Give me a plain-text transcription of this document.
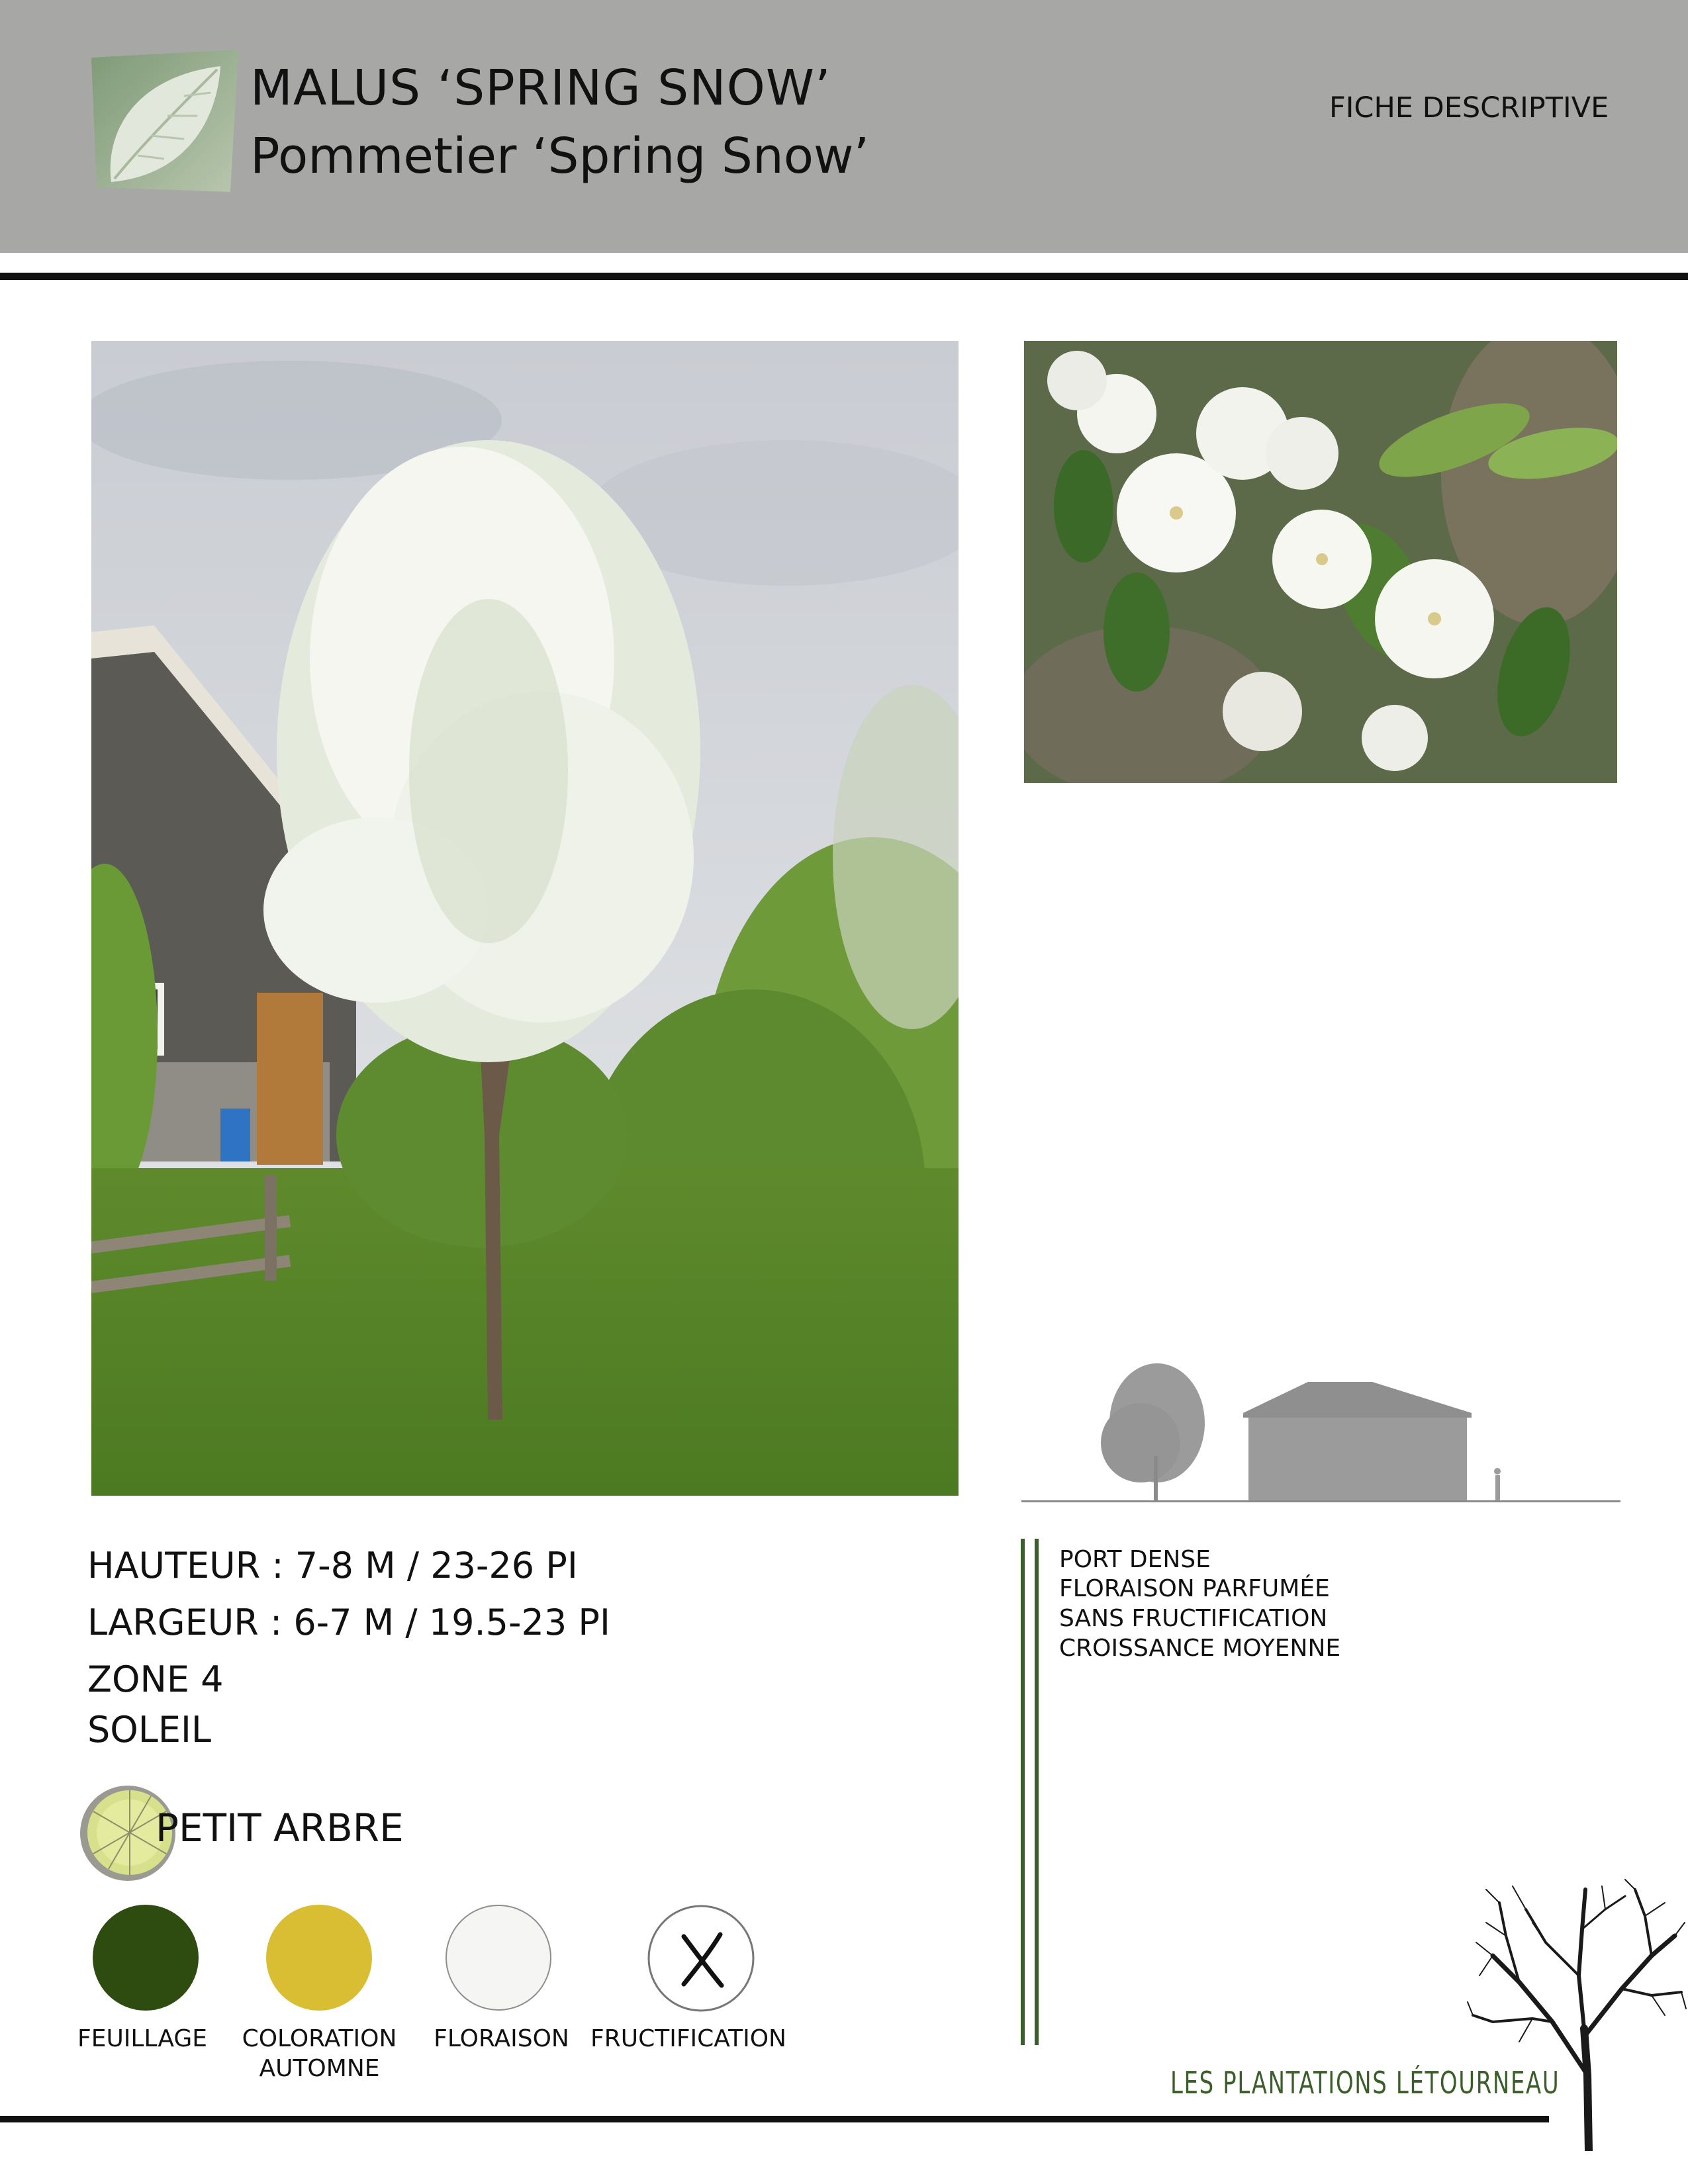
MALUS ‘SPRING SNOW’
Pommetier ‘Spring Snow’
FICHE DESCRIPTIVE
HAUTEUR : 7-8 M / 23-26 PI
LARGEUR : 6-7 M / 19.5-23 PI
ZONE 4
SOLEIL
PORT DENSE
FLORAISON PARFUMÉE
SANS FRUCTIFICATION
CROISSANCE MOYENNE
PETIT ARBRE
FEUILLAGE	COLORATION
AUTOMNE
FLORAISON FRUCTIFICATION
LES PLANTATIONS LÉTOURNEAU
